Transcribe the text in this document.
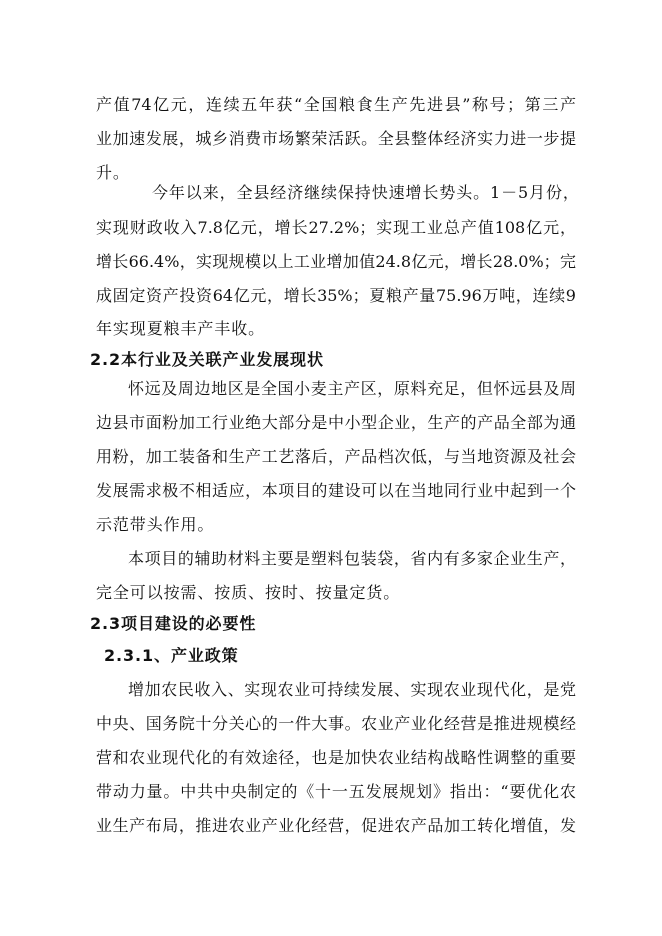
产值74亿元，连续五年获“全国粮食生产先进县”称号；第三产
业加速发展，城乡消费市场繁荣活跃。全县整体经济实力进一步提
升。
今年以来，全县经济继续保持快速增长势头。1－5月份，
实现财政收入7.8亿元，增长27.2%；实现工业总产值108亿元，
增长66.4%，实现规模以上工业增加值24.8亿元，增长28.0%；完
成固定资产投资64亿元，增长35%；夏粮产量75.96万吨，连续9
年实现夏粮丰产丰收。
2.2本行业及关联产业发展现状
怀远及周边地区是全国小麦主产区，原料充足，但怀远县及周
边县市面粉加工行业绝大部分是中小型企业，生产的产品全部为通
用粉，加工装备和生产工艺落后，产品档次低，与当地资源及社会
发展需求极不相适应，本项目的建设可以在当地同行业中起到一个
示范带头作用。
本项目的辅助材料主要是塑料包装袋，省内有多家企业生产，
完全可以按需、按质、按时、按量定货。
2.3项目建设的必要性
2.3.1、产业政策
增加农民收入、实现农业可持续发展、实现农业现代化，是党
中央、国务院十分关心的一件大事。农业产业化经营是推进规模经
营和农业现代化的有效途径，也是加快农业结构战略性调整的重要
带动力量。中共中央制定的《十一五发展规划》指出：“要优化农
业生产布局，推进农业产业化经营，促进农产品加工转化增值，发
